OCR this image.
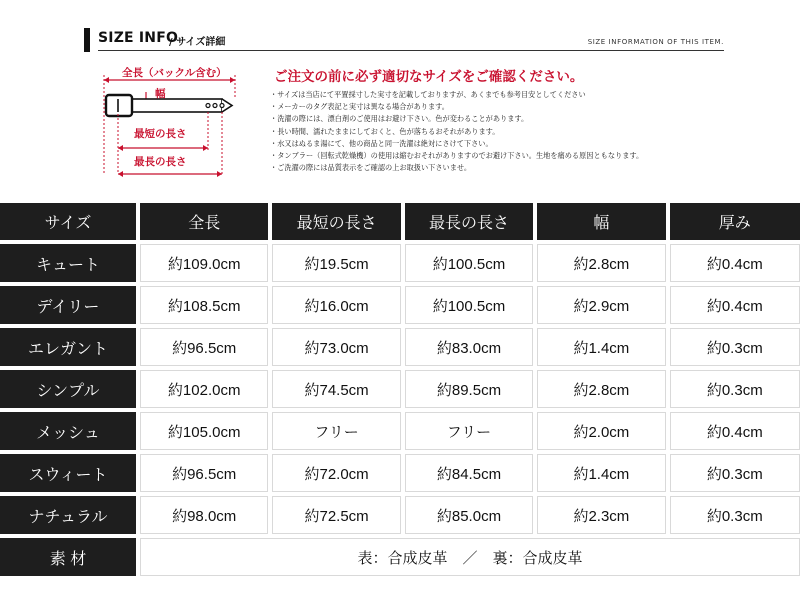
SIZE INFO
/ サイズ詳細	SIZE INFORMATION OF THIS ITEM.
全長（バックル含む）
幅
最短の長さ
最長の長さ
ご注文の前に必ず適切なサイズをご確認ください。
・サイズは当店にて平置採寸した実寸を記載しておりますが、あくまでも参考目安としてください
・メーカーのタグ表記と実寸は異なる場合があります。
・洗濯の際には、漂白剤のご使用はお避け下さい。色が変わることがあります。
・長い時間、濡れたままにしておくと、色が落ちるおそれがあります。
・水又はぬるま湯にて、他の商品と同一洗濯は絶対にさけて下さい。
・タンブラー（回転式乾燥機）の使用は縮むおそれがありますのでお避け下さい。生地を痛める原因ともなります。
・ご洗濯の際には品質表示をご確認の上お取扱い下さいませ。
サイズ	全長	最短の長さ	最長の長さ	幅	厚み
キュート	約109.0cm	約19.5cm	約100.5cm	約2.8cm	約0.4cm
デイリー	約108.5cm	約16.0cm	約100.5cm	約2.9cm	約0.4cm
エレガント	約96.5cm	約73.0cm	約83.0cm	約1.4cm	約0.3cm
シンプル	約102.0cm	約74.5cm	約89.5cm	約2.8cm	約0.3cm
メッシュ	約105.0cm	フリー	フリー	約2.0cm	約0.4cm
スウィート	約96.5cm	約72.0cm	約84.5cm	約1.4cm	約0.3cm
ナチュラル	約98.0cm	約72.5cm	約85.0cm	約2.3cm	約0.3cm
素 材	表：合成皮革　／　裏：合成皮革				
